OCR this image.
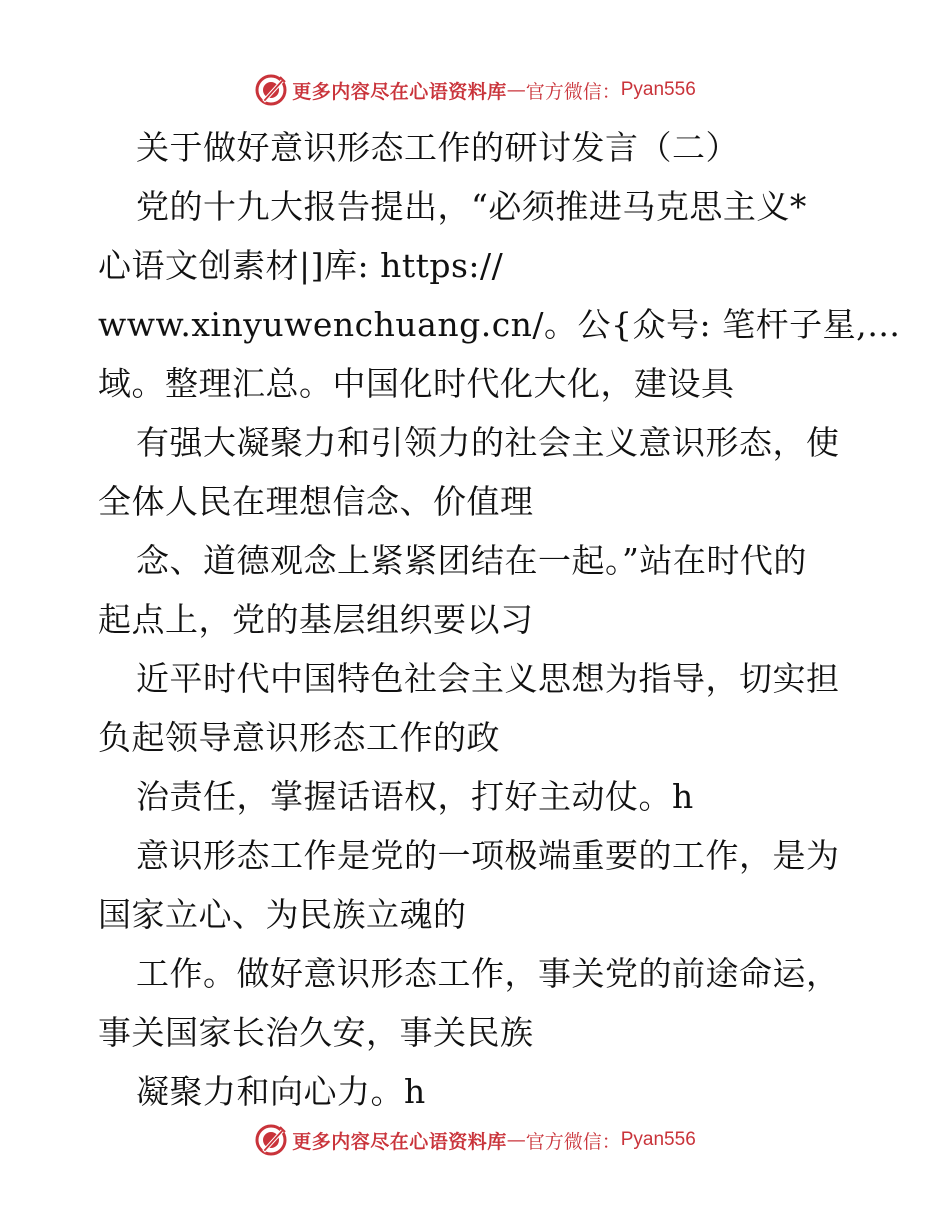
更多内容尽在心语资料库 — 官方微信： Pyan556

关于做好意识形态工作的研讨发言（二）

党的十九大报告提出，“必须推进马克思主义*

心语文创素材|]库: https://

www.xinyuwenchuang.cn/。公{众号: 笔杆子星,…

域。整理汇总。中国化时代化大化，建设具

有强大凝聚力和引领力的社会主义意识形态，使

全体人民在理想信念、价值理

念、道德观念上紧紧团结在一起。”站在时代的

起点上，党的基层组织要以习

近平时代中国特色社会主义思想为指导，切实担

负起领导意识形态工作的政

治责任，掌握话语权，打好主动仗。h

意识形态工作是党的一项极端重要的工作，是为

国家立心、为民族立魂的

工作。做好意识形态工作，事关党的前途命运，

事关国家长治久安，事关民族

凝聚力和向心力。h

更多内容尽在心语资料库 — 官方微信： Pyan556
